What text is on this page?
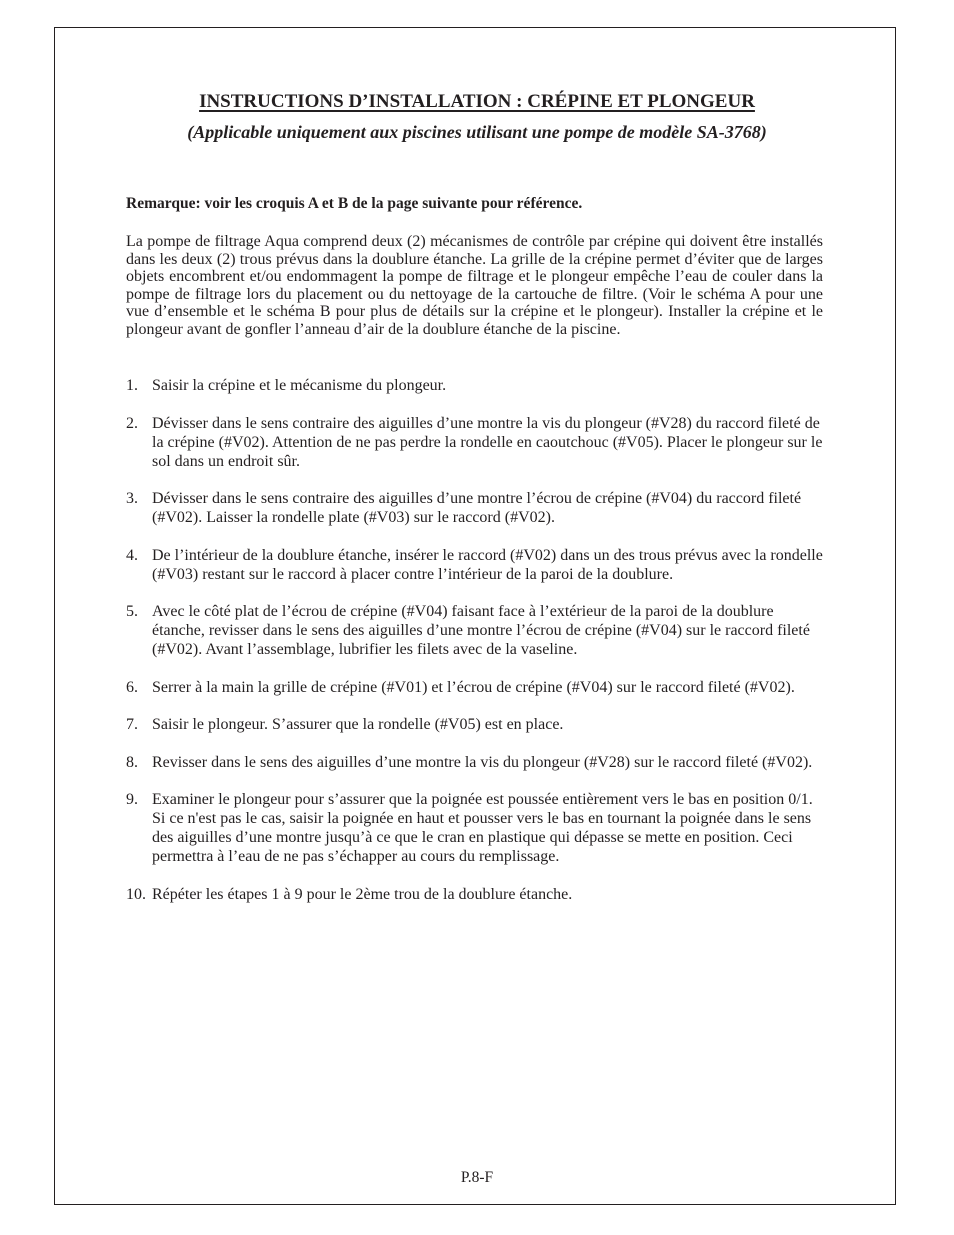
INSTRUCTIONS D’INSTALLATION : CRÉPINE ET PLONGEUR
(Applicable uniquement aux piscines utilisant une pompe de modèle SA-3768)
Remarque: voir les croquis A et B de la page suivante pour référence.

La pompe de filtrage Aqua comprend deux (2) mécanismes de contrôle par crépine qui doivent être installés dans les deux (2) trous prévus dans la doublure étanche. La grille de la crépine permet d’éviter que de larges objets encombrent et/ou endommagent la pompe de filtrage et le plongeur empêche l’eau de couler dans la pompe de filtrage lors du placement ou du nettoyage de la cartouche de filtre. (Voir le schéma A pour une vue d’ensemble et le schéma B pour plus de détails sur la crépine et le plongeur). Installer la crépine et le plongeur avant de gonfler l’anneau d’air de la doublure étanche de la piscine.

1. Saisir la crépine et le mécanisme du plongeur.
2. Dévisser dans le sens contraire des aiguilles d’une montre la vis du plongeur (#V28) du raccord fileté de la crépine (#V02). Attention de ne pas perdre la rondelle en caoutchouc (#V05). Placer le plongeur sur le sol dans un endroit sûr.
3. Dévisser dans le sens contraire des aiguilles d’une montre l’écrou de crépine (#V04) du raccord fileté (#V02). Laisser la rondelle plate (#V03) sur le raccord (#V02).
4. De l’intérieur de la doublure étanche, insérer le raccord (#V02) dans un des trous prévus avec la rondelle (#V03) restant sur le raccord à placer contre l’intérieur de la paroi de la doublure.
5. Avec le côté plat de l’écrou de crépine (#V04) faisant face à l’extérieur de la paroi de la doublure étanche, revisser dans le sens des aiguilles d’une montre l’écrou de crépine (#V04) sur le raccord fileté (#V02). Avant l’assemblage, lubrifier les filets avec de la vaseline.
6. Serrer à la main la grille de crépine (#V01) et l’écrou de crépine (#V04) sur le raccord fileté (#V02).
7. Saisir le plongeur. S’assurer que la rondelle (#V05) est en place.
8. Revisser dans le sens des aiguilles d’une montre la vis du plongeur (#V28) sur le raccord fileté (#V02).
9. Examiner le plongeur pour s’assurer que la poignée est poussée entièrement vers le bas en position 0/1. Si ce n'est pas le cas, saisir la poignée en haut et pousser vers le bas en tournant la poignée dans le sens des aiguilles d’une montre jusqu’à ce que le cran en plastique qui dépasse se mette en position. Ceci permettra à l’eau de ne pas s’échapper au cours du remplissage.
10. Répéter les étapes 1 à 9 pour le 2ème trou de la doublure étanche.
P.8-F
